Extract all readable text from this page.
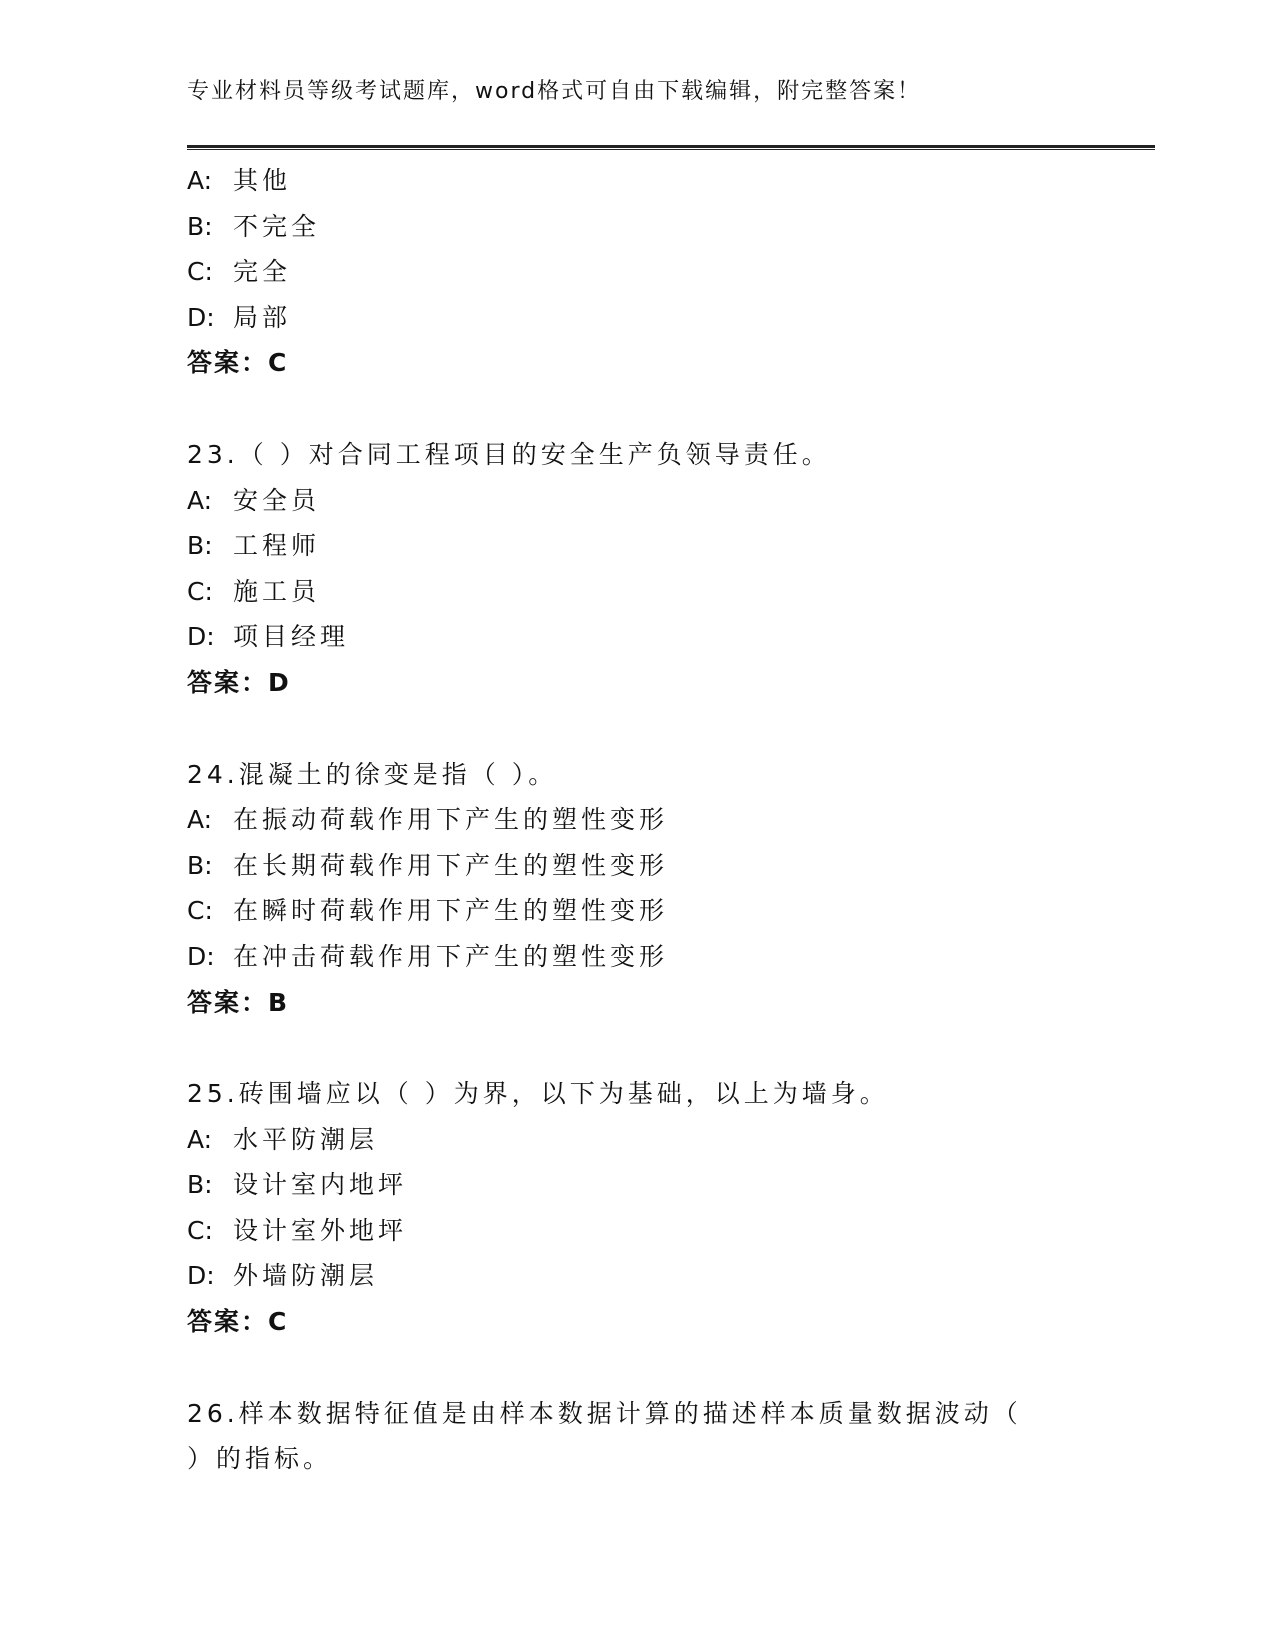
专业材料员等级考试题库，word格式可自由下载编辑，附完整答案！
A: 其他
B: 不完全
C: 完全
D: 局部
答案：C
23.（ ）对合同工程项目的安全生产负领导责任。
A: 安全员
B: 工程师
C: 施工员
D: 项目经理
答案：D
24.混凝土的徐变是指（ ）。
A: 在振动荷载作用下产生的塑性变形
B: 在长期荷载作用下产生的塑性变形
C: 在瞬时荷载作用下产生的塑性变形
D: 在冲击荷载作用下产生的塑性变形
答案：B
25.砖围墙应以（ ）为界，以下为基础，以上为墙身。
A: 水平防潮层
B: 设计室内地坪
C: 设计室外地坪
D: 外墙防潮层
答案：C
26.样本数据特征值是由样本数据计算的描述样本质量数据波动（ ）的指标。
